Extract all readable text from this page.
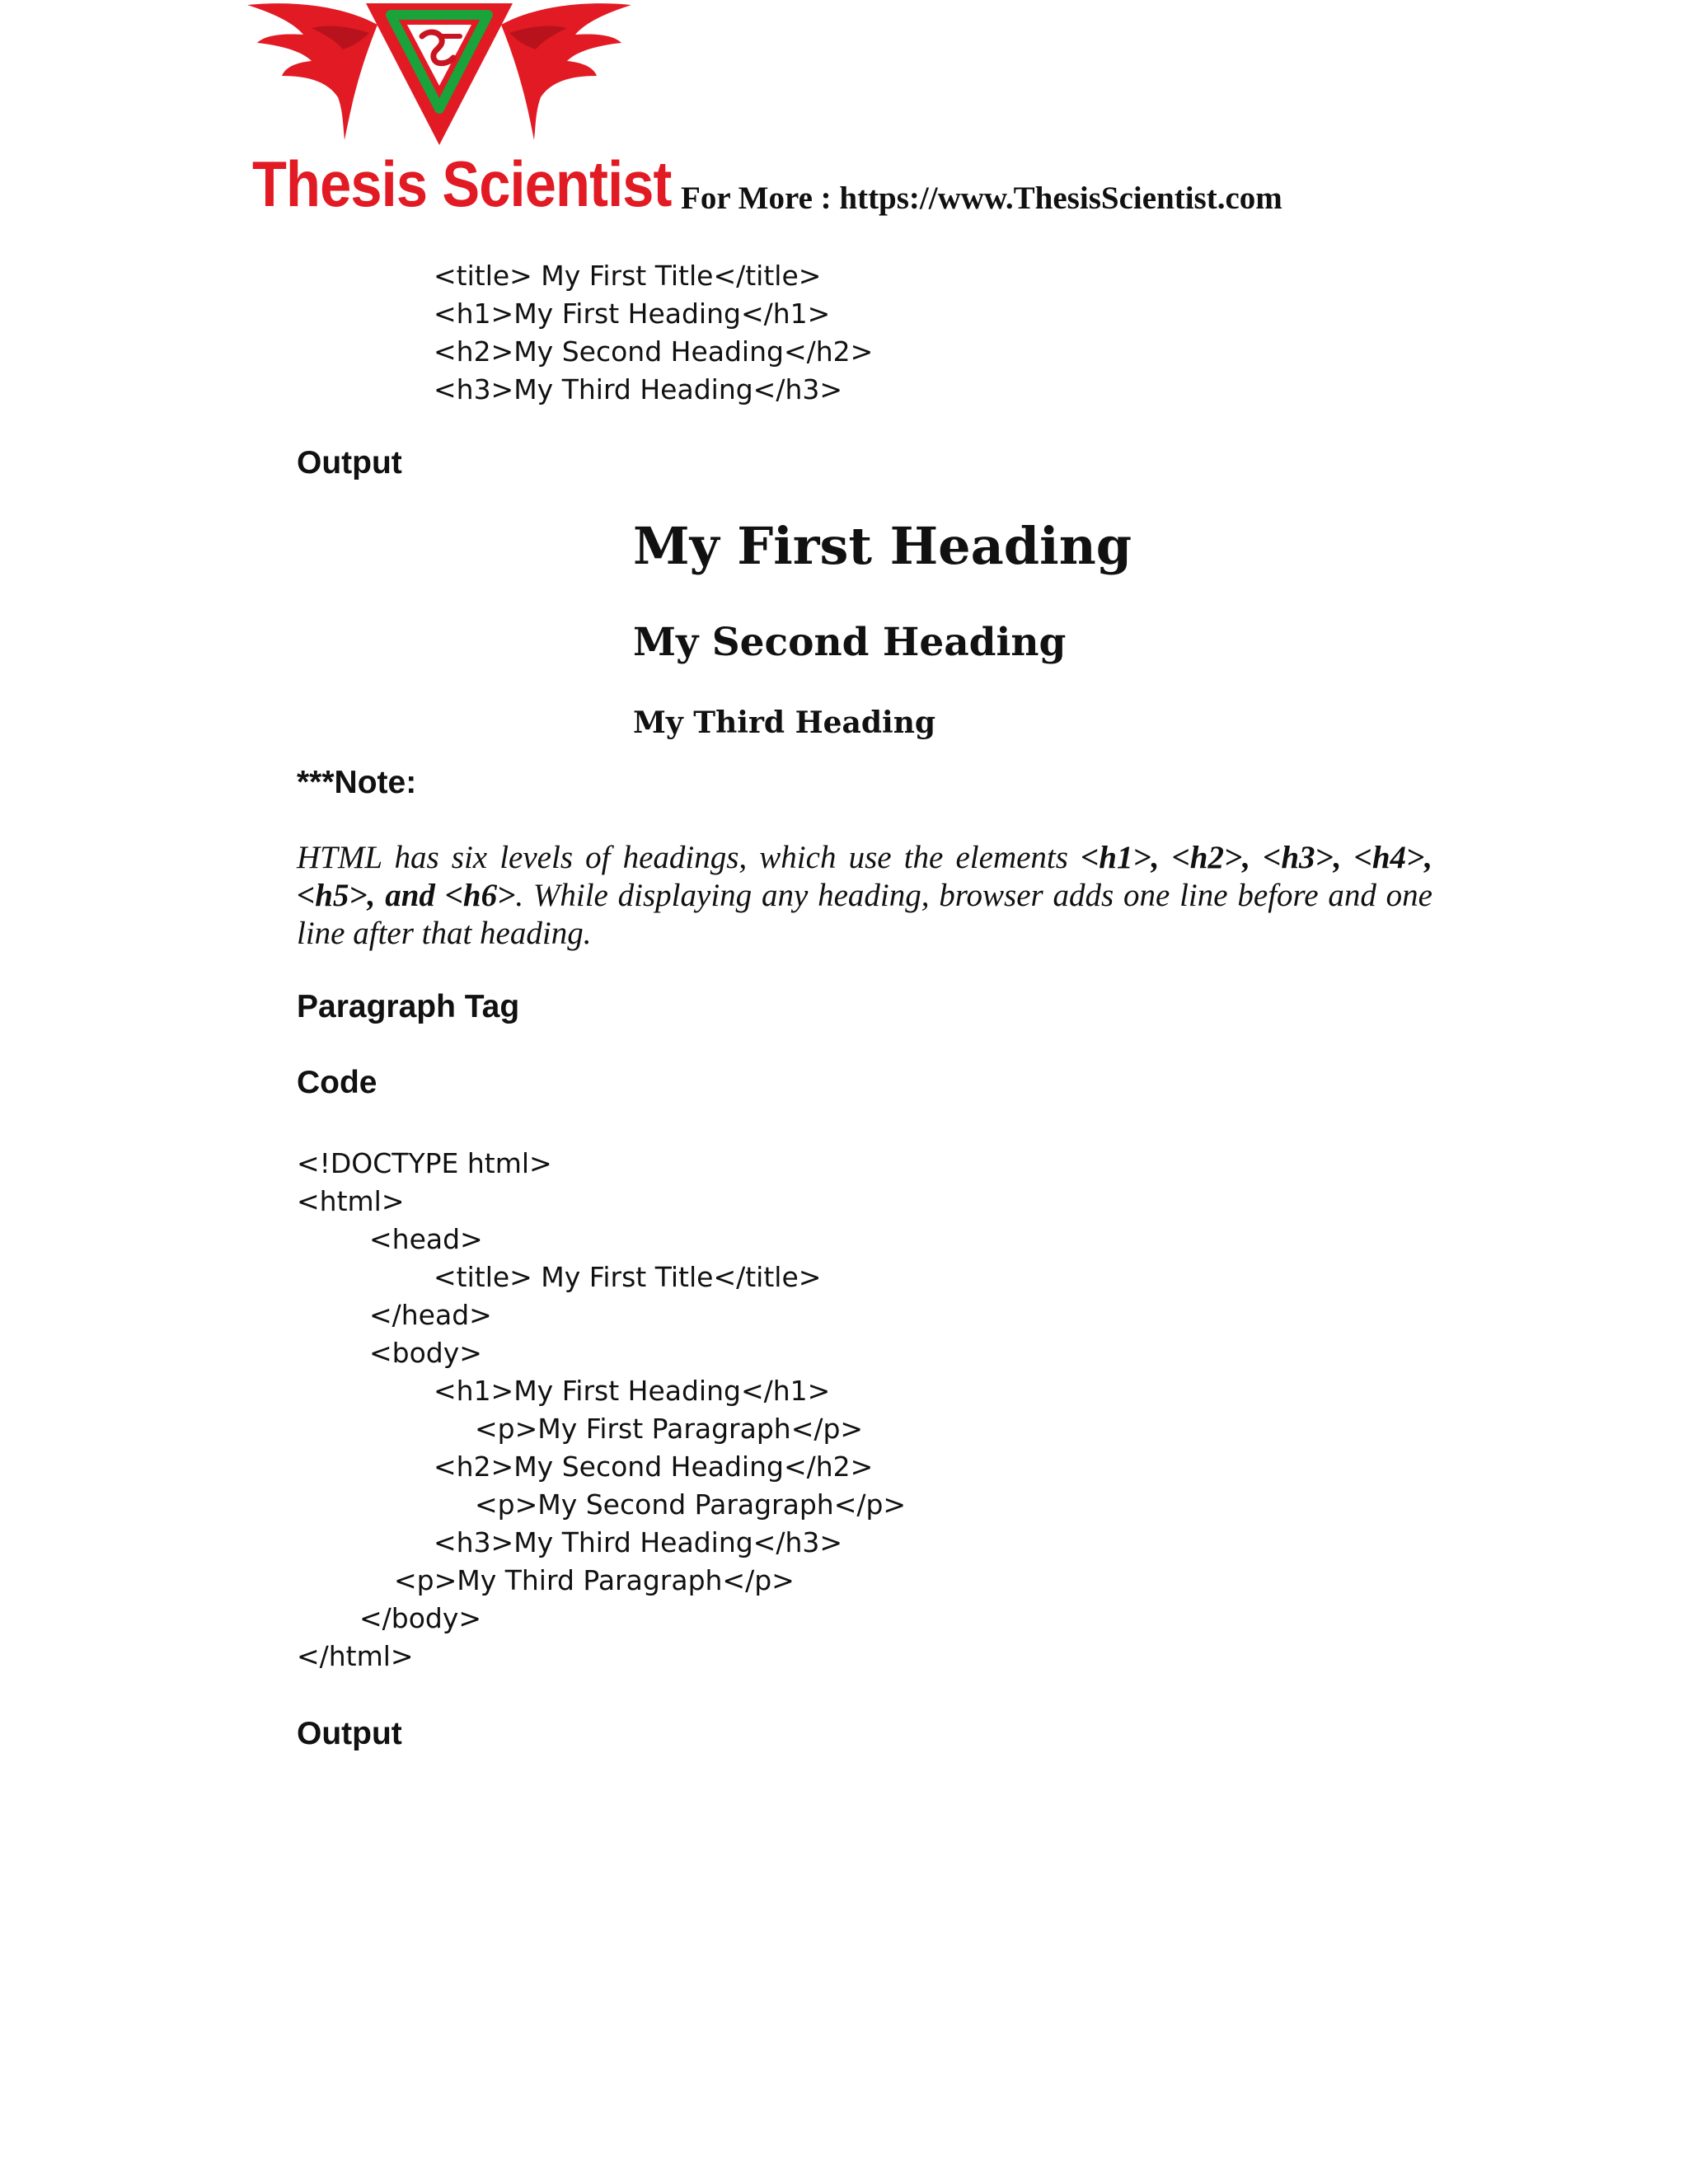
Thesis Scientist For More : https://www.ThesisScientist.com
<title> My First Title</title>
<h1>My First Heading</h1>
<h2>My Second Heading</h2>
<h3>My Third Heading</h3>
Output
My First Heading
My Second Heading
My Third Heading
***Note:
HTML has six levels of headings, which use the elements <h1>, <h2>, <h3>, <h4>, <h5>, and <h6>. While displaying any heading, browser adds one line before and one line after that heading.
Paragraph Tag
Code
<!DOCTYPE html>
<html>
<head>
<title> My First Title</title>
</head>
<body>
<h1>My First Heading</h1>
<p>My First Paragraph</p>
<h2>My Second Heading</h2>
<p>My Second Paragraph</p>
<h3>My Third Heading</h3>
<p>My Third Paragraph</p>
</body>
</html>
Output
